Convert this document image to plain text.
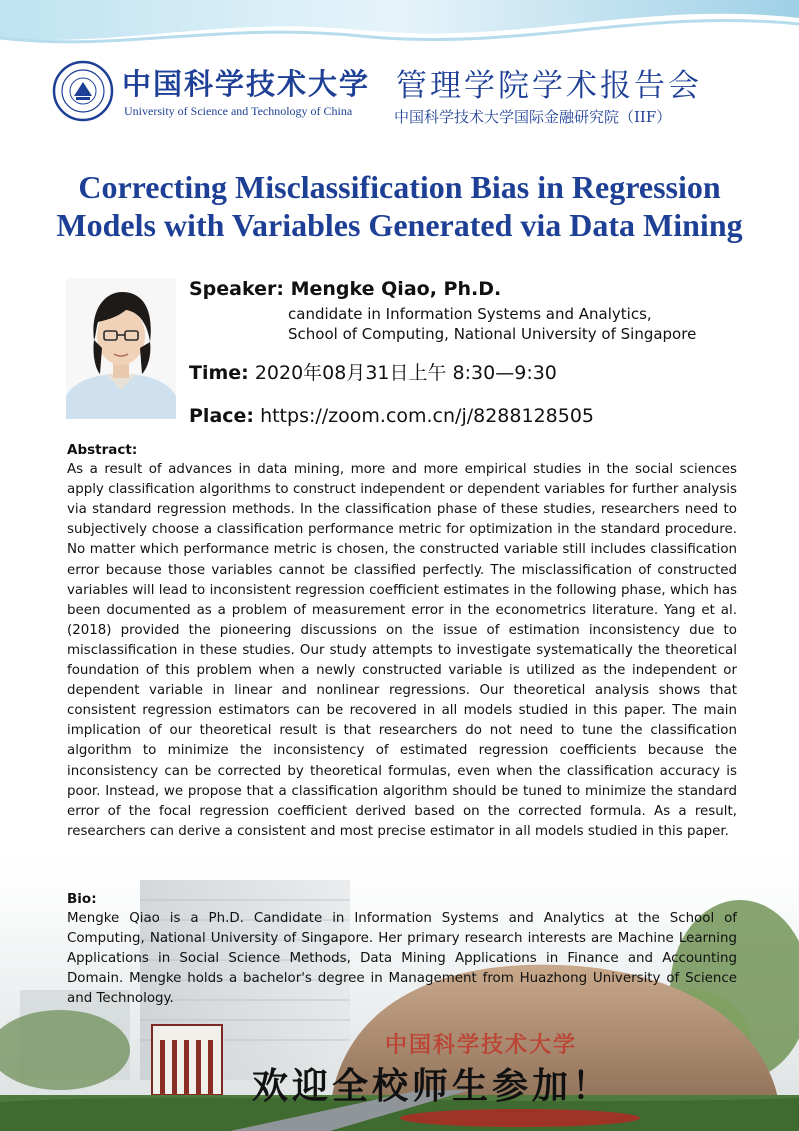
中国科学技术大学
University of Science and Technology of China
管理学院学术报告会
中国科学技术大学国际金融研究院（IIF）
中国科学技术大学
欢迎全校师生参加！
Correcting Misclassification Bias in Regression
Models with Variables Generated via Data Mining
Speaker: Mengke Qiao, Ph.D.
candidate in Information Systems and Analytics,
School of Computing, National University of Singapore
Time: 2020年08月31日上午 8:30—9:30
Place: https://zoom.com.cn/j/8288128505
Abstract:
As a result of advances in data mining, more and more empirical studies in the social sciences apply classification algorithms to construct independent or dependent variables for further analysis via standard regression methods. In the classification phase of these studies, researchers need to subjectively choose a classification performance metric for optimization in the standard procedure. No matter which performance metric is chosen, the constructed variable still includes classification error because those variables cannot be classified perfectly. The misclassification of constructed variables will lead to inconsistent regression coefficient estimates in the following phase, which has been documented as a problem of measurement error in the econometrics literature. Yang et al. (2018) provided the pioneering discussions on the issue of estimation inconsistency due to misclassification in these studies. Our study attempts to investigate systematically the theoretical foundation of this problem when a newly constructed variable is utilized as the independent or dependent variable in linear and nonlinear regressions. Our theoretical analysis shows that consistent regression estimators can be recovered in all models studied in this paper. The main implication of our theoretical result is that researchers do not need to tune the classification algorithm to minimize the inconsistency of estimated regression coefficients because the inconsistency can be corrected by theoretical formulas, even when the classification accuracy is poor. Instead, we propose that a classification algorithm should be tuned to minimize the standard error of the focal regression coefficient derived based on the corrected formula. As a result, researchers can derive a consistent and most precise estimator in all models studied in this paper.
Bio:
Mengke Qiao is a Ph.D. Candidate in Information Systems and Analytics at the School of Computing, National University of Singapore. Her primary research interests are Machine Learning Applications in Social Science Methods, Data Mining Applications in Finance and Accounting Domain. Mengke holds a bachelor's degree in Management from Huazhong University of Science and Technology.
